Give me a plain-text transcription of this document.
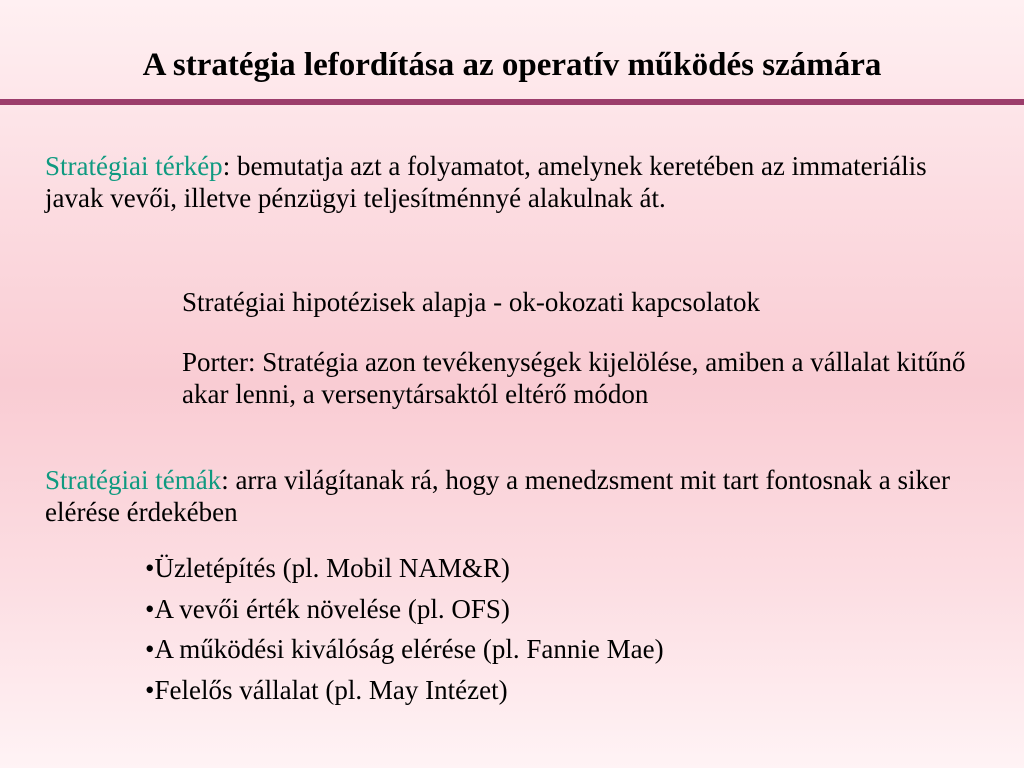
A stratégia lefordítása az operatív működés számára
Stratégiai térkép: bemutatja azt a folyamatot, amelynek keretében az immateriális javak vevői, illetve pénzügyi teljesítménnyé alakulnak át.
Stratégiai hipotézisek alapja - ok-okozati kapcsolatok
Porter: Stratégia azon tevékenységek kijelölése, amiben a vállalat kitűnő akar lenni, a versenytársaktól eltérő módon
Stratégiai témák: arra világítanak rá, hogy a menedzsment mit tart fontosnak a siker elérése érdekében
•Üzletépítés (pl. Mobil NAM&R)
•A vevői érték növelése (pl. OFS)
•A működési kiválóság elérése (pl. Fannie Mae)
•Felelős vállalat (pl. May Intézet)
